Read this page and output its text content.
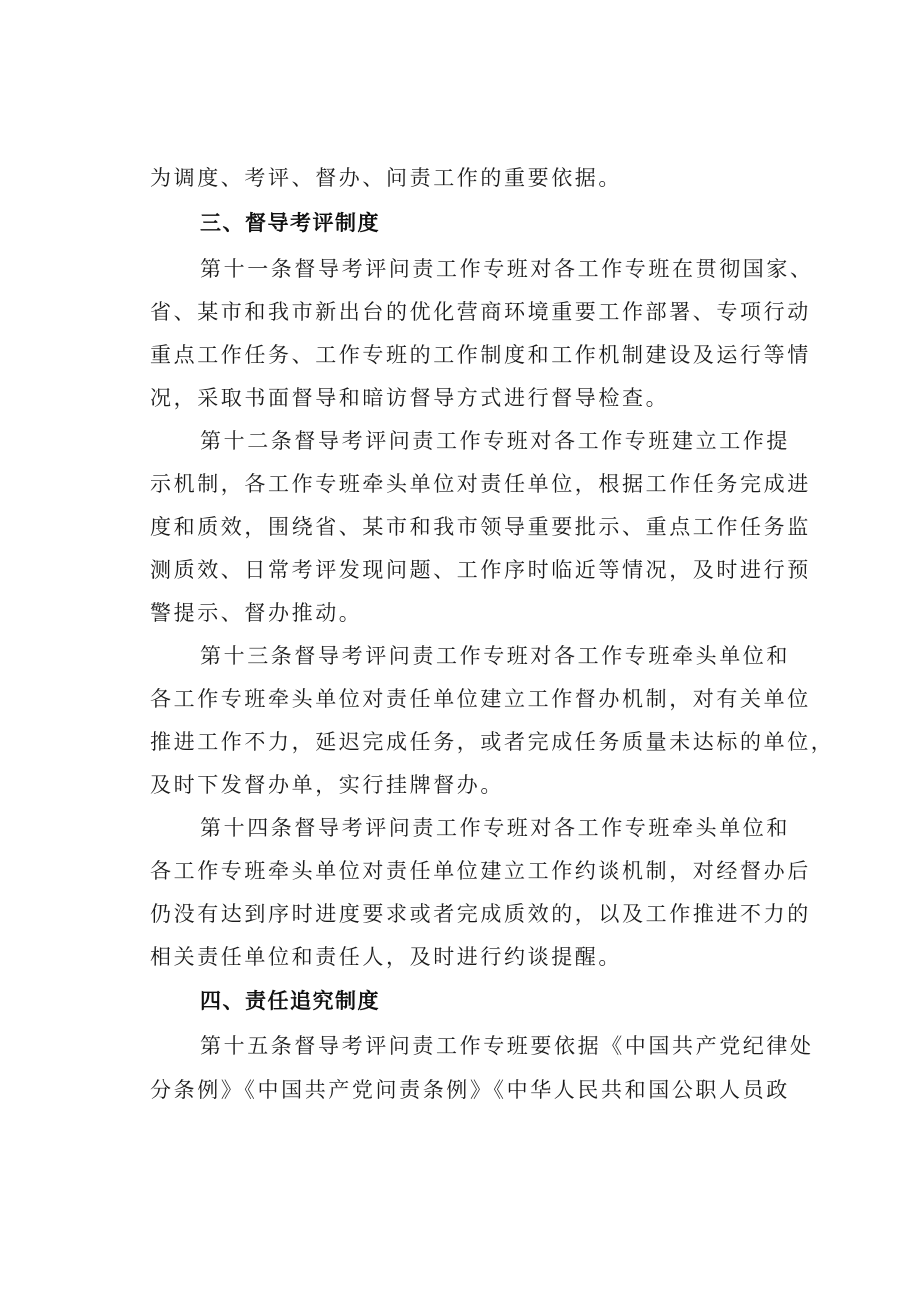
为调度、考评、督办、问责工作的重要依据。
三、督导考评制度
第十一条督导考评问责工作专班对各工作专班在贯彻国家、
省、某市和我市新出台的优化营商环境重要工作部署、专项行动
重点工作任务、工作专班的工作制度和工作机制建设及运行等情
况，采取书面督导和暗访督导方式进行督导检查。
第十二条督导考评问责工作专班对各工作专班建立工作提
示机制，各工作专班牵头单位对责任单位，根据工作任务完成进
度和质效，围绕省、某市和我市领导重要批示、重点工作任务监
测质效、日常考评发现问题、工作序时临近等情况，及时进行预
警提示、督办推动。
第十三条督导考评问责工作专班对各工作专班牵头单位和
各工作专班牵头单位对责任单位建立工作督办机制，对有关单位
推进工作不力，延迟完成任务，或者完成任务质量未达标的单位，
及时下发督办单，实行挂牌督办。
第十四条督导考评问责工作专班对各工作专班牵头单位和
各工作专班牵头单位对责任单位建立工作约谈机制，对经督办后
仍没有达到序时进度要求或者完成质效的，以及工作推进不力的
相关责任单位和责任人，及时进行约谈提醒。
四、责任追究制度
第十五条督导考评问责工作专班要依据《中国共产党纪律处
分条例》《中国共产党问责条例》《中华人民共和国公职人员政
